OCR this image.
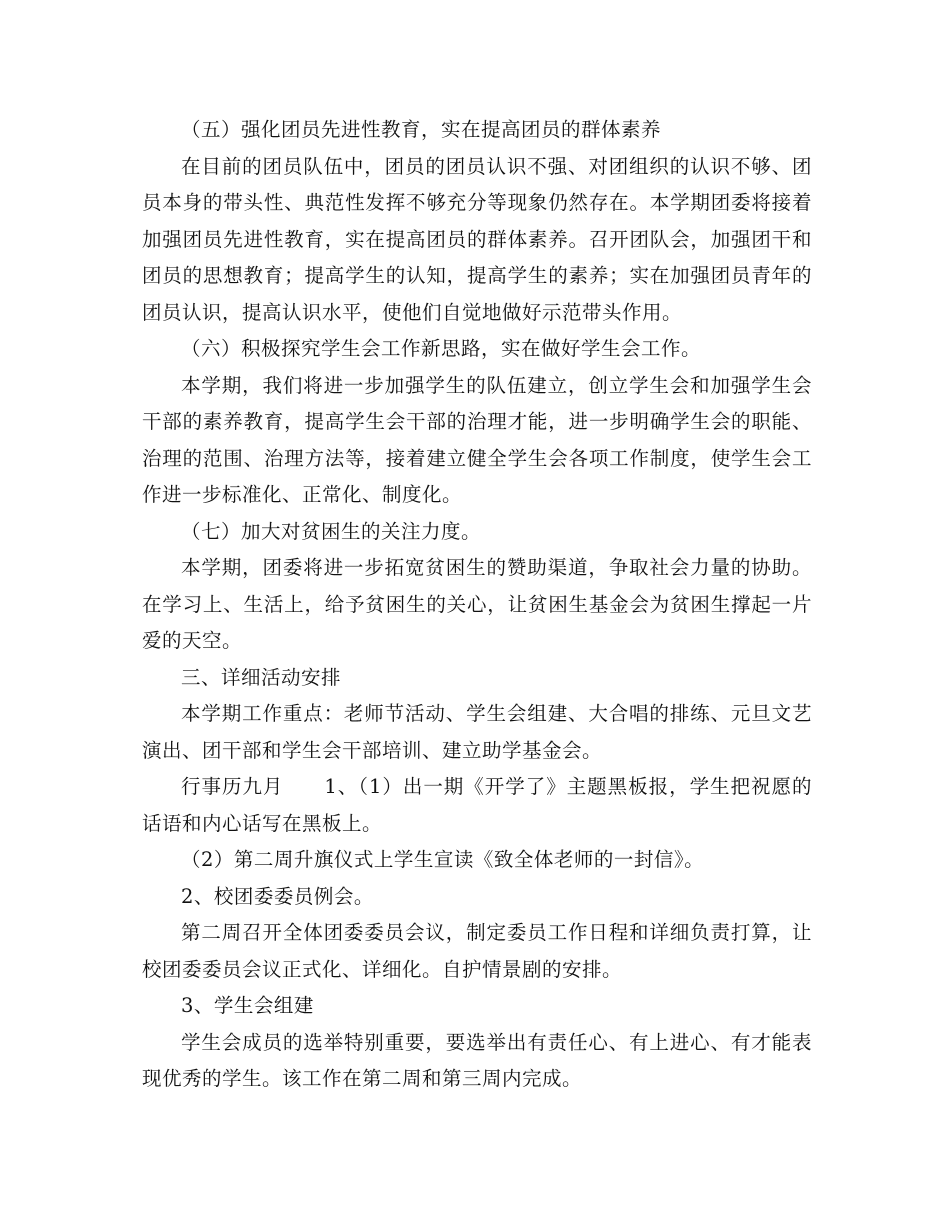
（五）强化团员先进性教育，实在提高团员的群体素养

在目前的团员队伍中，团员的团员认识不强、对团组织的认识不够、团员本身的带头性、典范性发挥不够充分等现象仍然存在。本学期团委将接着加强团员先进性教育，实在提高团员的群体素养。召开团队会，加强团干和团员的思想教育；提高学生的认知，提高学生的素养；实在加强团员青年的团员认识，提高认识水平，使他们自觉地做好示范带头作用。

（六）积极探究学生会工作新思路，实在做好学生会工作。

本学期，我们将进一步加强学生的队伍建立，创立学生会和加强学生会干部的素养教育，提高学生会干部的治理才能，进一步明确学生会的职能、治理的范围、治理方法等，接着建立健全学生会各项工作制度，使学生会工作进一步标准化、正常化、制度化。

（七）加大对贫困生的关注力度。

本学期，团委将进一步拓宽贫困生的赞助渠道，争取社会力量的协助。在学习上、生活上，给予贫困生的关心，让贫困生基金会为贫困生撑起一片爱的天空。

三、详细活动安排

本学期工作重点：老师节活动、学生会组建、大合唱的排练、元旦文艺演出、团干部和学生会干部培训、建立助学基金会。

行事历九月　　1、（1）出一期《开学了》主题黑板报，学生把祝愿的话语和内心话写在黑板上。

（2）第二周升旗仪式上学生宣读《致全体老师的一封信》。

2、校团委委员例会。

第二周召开全体团委委员会议，制定委员工作日程和详细负责打算，让校团委委员会议正式化、详细化。自护情景剧的安排。

3、学生会组建

学生会成员的选举特别重要，要选举出有责任心、有上进心、有才能表现优秀的学生。该工作在第二周和第三周内完成。
